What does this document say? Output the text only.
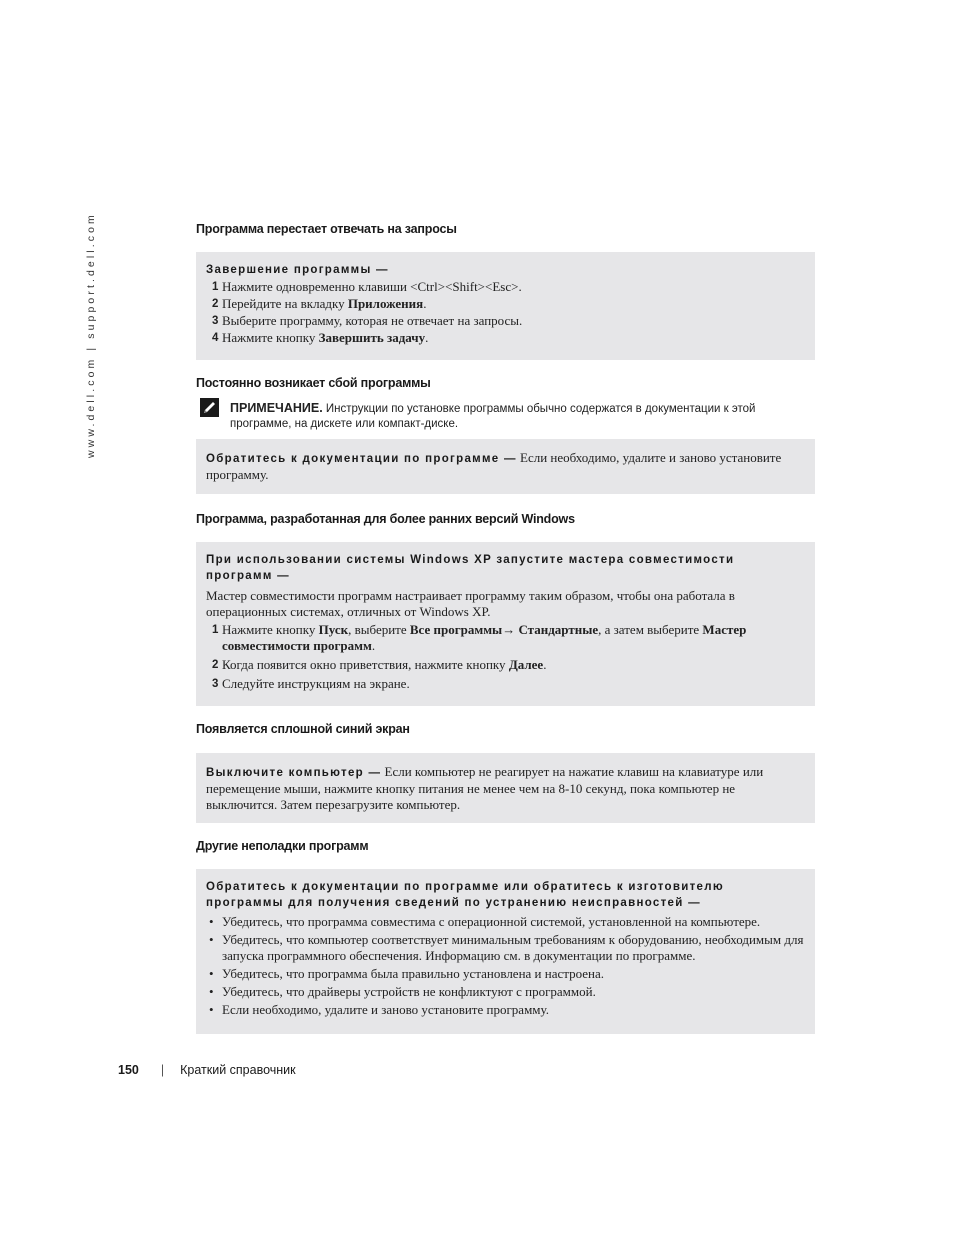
www.dell.com | support.dell.com	Программа перестает отвечать на запросы
Завершение программы —
1 Нажмите одновременно клавиши <Ctrl><Shift><Esc>.
2 Перейдите на вкладку Приложения.
3 Выберите программу, которая не отвечает на запросы.
4 Нажмите кнопку Завершить задачу.
Постоянно возникает сбой программы
ПРИМЕЧАНИЕ. Инструкции по установке программы обычно содержатся в документации к этой программе, на дискете или компакт-диске.
Обратитесь к документации по программе — Если необходимо, удалите и заново установите программу.
Программа, разработанная для более ранних версий Windows
При использовании системы Windows XP запустите мастера совместимости программ —
Мастер совместимости программ настраивает программу таким образом, чтобы она работала в операционных системах, отличных от Windows XP.
1 Нажмите кнопку Пуск, выберите Все программы→ Стандартные, а затем выберите Мастер совместимости программ.
2 Когда появится окно приветствия, нажмите кнопку Далее.
3 Следуйте инструкциям на экране.
Появляется сплошной синий экран
Выключите компьютер — Если компьютер не реагирует на нажатие клавиш на клавиатуре или перемещение мыши, нажмите кнопку питания не менее чем на 8-10 секунд, пока компьютер не выключится. Затем перезагрузите компьютер.
Другие неполадки программ
Обратитесь к документации по программе или обратитесь к изготовителю программы для получения сведений по устранению неисправностей —
• Убедитесь, что программа совместима с операционной системой, установленной на компьютере.
• Убедитесь, что компьютер соответствует минимальным требованиям к оборудованию, необходимым для запуска программного обеспечения. Информацию см. в документации по программе.
• Убедитесь, что программа была правильно установлена и настроена.
• Убедитесь, что драйверы устройств не конфликтуют с программой.
• Если необходимо, удалите и заново установите программу.
150 | Краткий справочник
